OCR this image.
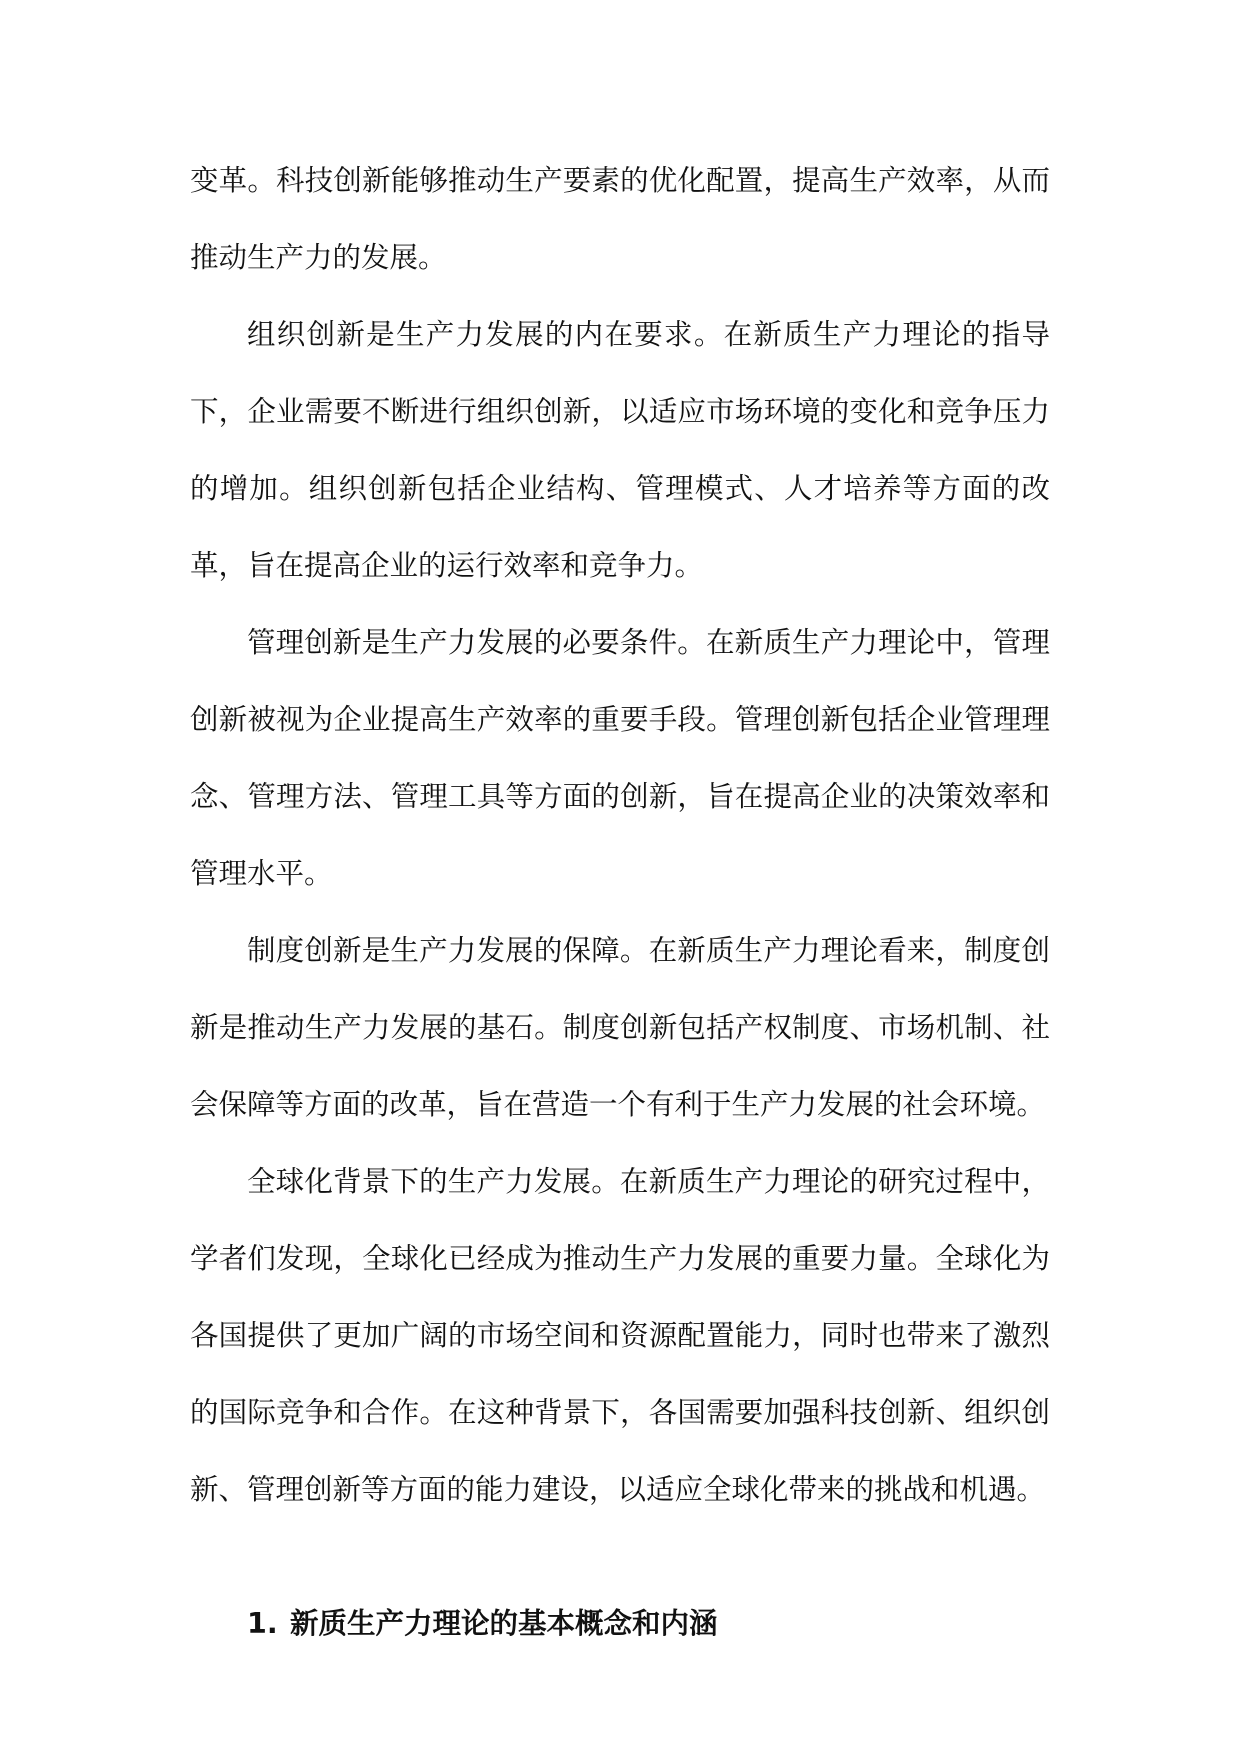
变革。科技创新能够推动生产要素的优化配置，提高生产效率，从而推动生产力的发展。

组织创新是生产力发展的内在要求。在新质生产力理论的指导下，企业需要不断进行组织创新，以适应市场环境的变化和竞争压力的增加。组织创新包括企业结构、管理模式、人才培养等方面的改革，旨在提高企业的运行效率和竞争力。

管理创新是生产力发展的必要条件。在新质生产力理论中，管理创新被视为企业提高生产效率的重要手段。管理创新包括企业管理理念、管理方法、管理工具等方面的创新，旨在提高企业的决策效率和管理水平。

制度创新是生产力发展的保障。在新质生产力理论看来，制度创新是推动生产力发展的基石。制度创新包括产权制度、市场机制、社会保障等方面的改革，旨在营造一个有利于生产力发展的社会环境。

全球化背景下的生产力发展。在新质生产力理论的研究过程中，学者们发现，全球化已经成为推动生产力发展的重要力量。全球化为各国提供了更加广阔的市场空间和资源配置能力，同时也带来了激烈的国际竞争和合作。在这种背景下，各国需要加强科技创新、组织创新、管理创新等方面的能力建设，以适应全球化带来的挑战和机遇。

1. 新质生产力理论的基本概念和内涵
